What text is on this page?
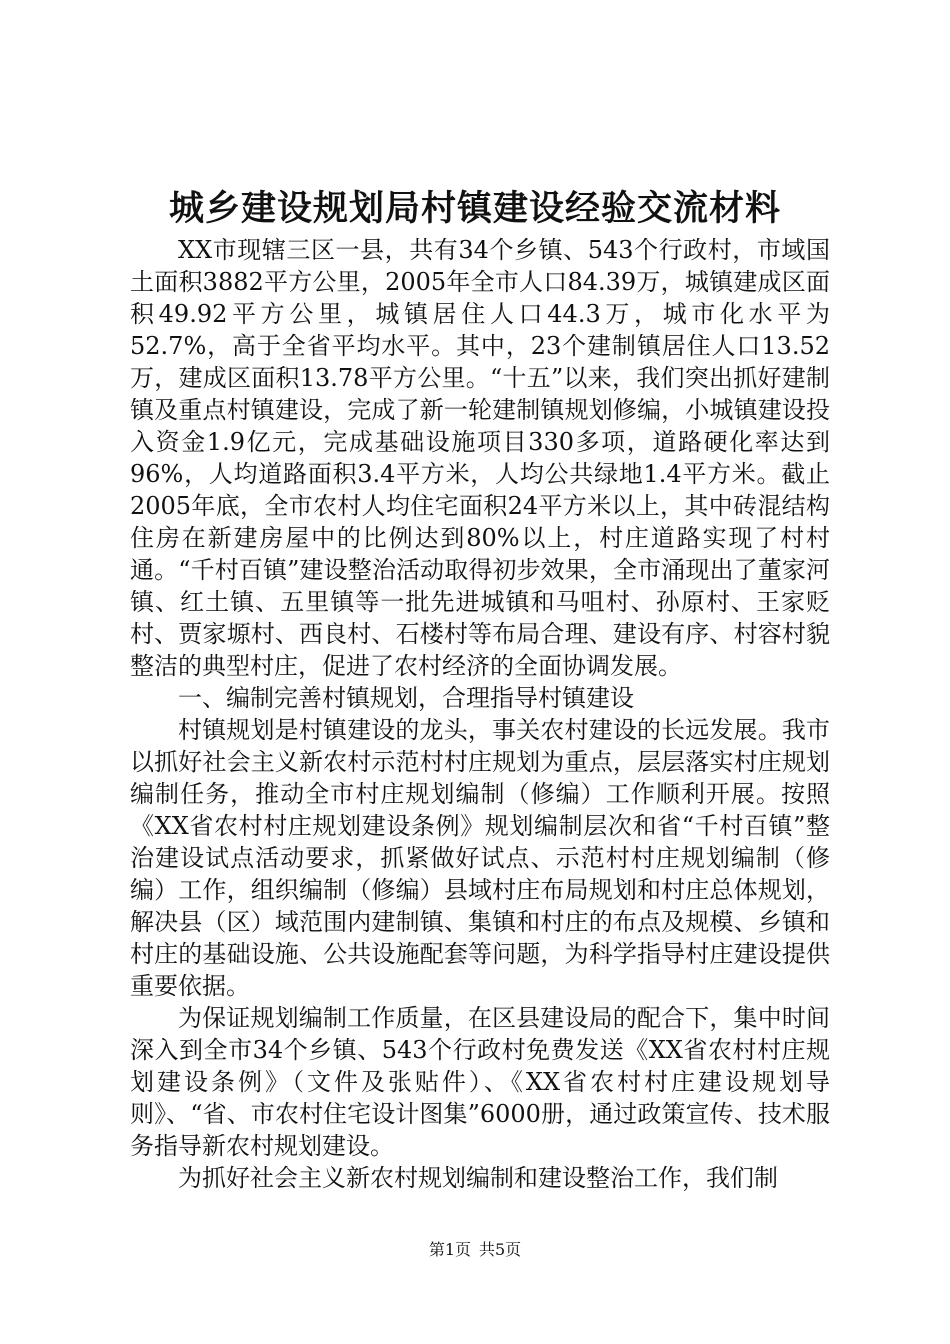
城乡建设规划局村镇建设经验交流材料

XX市现辖三区一县，共有34个乡镇、543个行政村，市域国土面积3882平方公里，2005年全市人口84.39万，城镇建成区面积49.92平方公里，城镇居住人口44.3万，城市化水平为52.7%，高于全省平均水平。其中，23个建制镇居住人口13.52万，建成区面积13.78平方公里。“十五”以来，我们突出抓好建制镇及重点村镇建设，完成了新一轮建制镇规划修编，小城镇建设投入资金1.9亿元，完成基础设施项目330多项，道路硬化率达到96%，人均道路面积3.4平方米，人均公共绿地1.4平方米。截止2005年底，全市农村人均住宅面积24平方米以上，其中砖混结构住房在新建房屋中的比例达到80%以上，村庄道路实现了村村通。“千村百镇”建设整治活动取得初步效果，全市涌现出了董家河镇、红土镇、五里镇等一批先进城镇和马咀村、孙原村、王家贬村、贾家塬村、西良村、石楼村等布局合理、建设有序、村容村貌整洁的典型村庄，促进了农村经济的全面协调发展。

一、编制完善村镇规划，合理指导村镇建设

村镇规划是村镇建设的龙头，事关农村建设的长远发展。我市以抓好社会主义新农村示范村村庄规划为重点，层层落实村庄规划编制任务，推动全市村庄规划编制（修编）工作顺利开展。按照《XX省农村村庄规划建设条例》规划编制层次和省“千村百镇”整治建设试点活动要求，抓紧做好试点、示范村村庄规划编制（修编）工作，组织编制（修编）县域村庄布局规划和村庄总体规划，解决县（区）域范围内建制镇、集镇和村庄的布点及规模、乡镇和村庄的基础设施、公共设施配套等问题，为科学指导村庄建设提供重要依据。

为保证规划编制工作质量，在区县建设局的配合下，集中时间深入到全市34个乡镇、543个行政村免费发送《XX省农村村庄规划建设条例》（文件及张贴件）、《XX省农村村庄建设规划导则》、“省、市农村住宅设计图集”6000册，通过政策宣传、技术服务指导新农村规划建设。

为抓好社会主义新农村规划编制和建设整治工作，我们制

第1页 共5页
